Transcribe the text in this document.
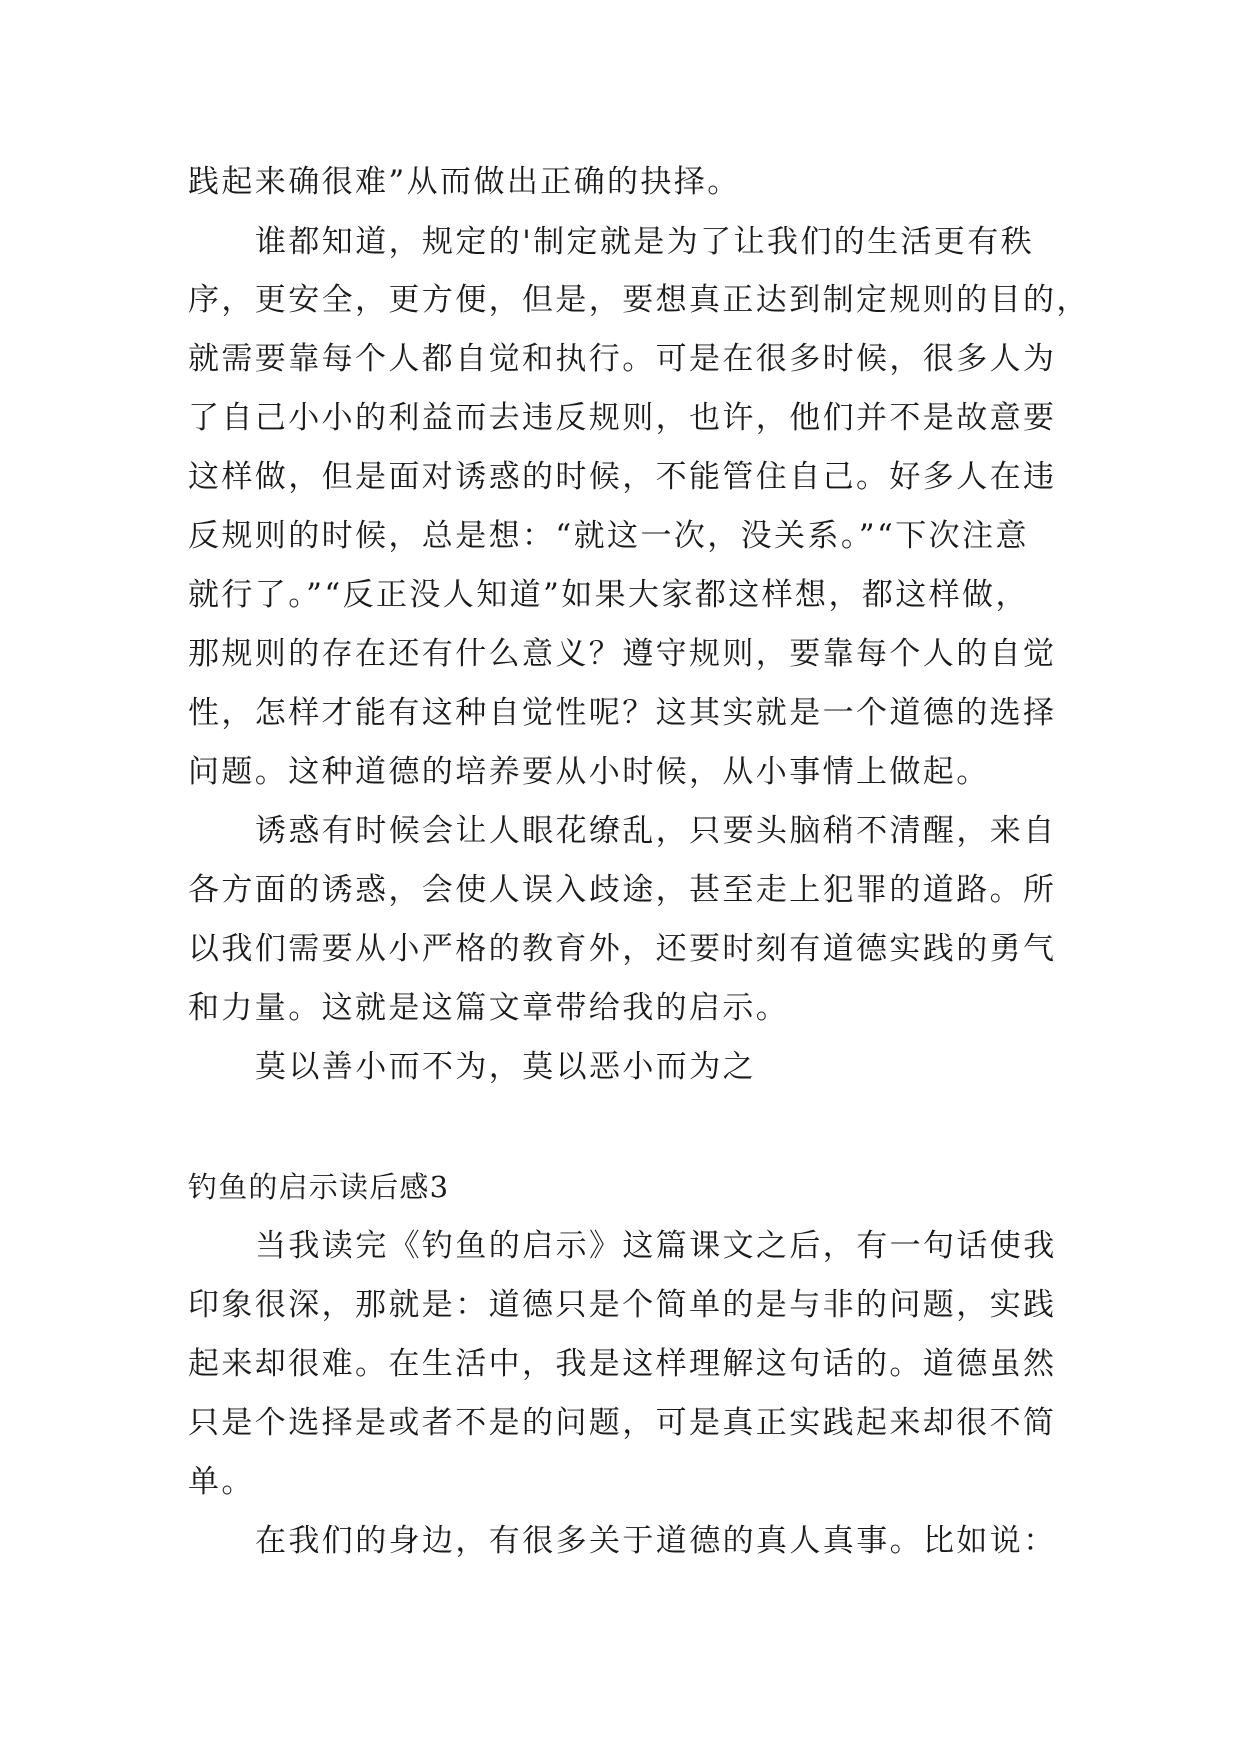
践起来确很难”从而做出正确的抉择。
谁都知道，规定的'制定就是为了让我们的生活更有秩
序，更安全，更方便，但是，要想真正达到制定规则的目的，
就需要靠每个人都自觉和执行。可是在很多时候，很多人为
了自己小小的利益而去违反规则，也许，他们并不是故意要
这样做，但是面对诱惑的时候，不能管住自己。好多人在违
反规则的时候，总是想：“就这一次，没关系。”“下次注意
就行了。”“反正没人知道”如果大家都这样想，都这样做，
那规则的存在还有什么意义？遵守规则，要靠每个人的自觉
性，怎样才能有这种自觉性呢？这其实就是一个道德的选择
问题。这种道德的培养要从小时候，从小事情上做起。
诱惑有时候会让人眼花缭乱，只要头脑稍不清醒，来自
各方面的诱惑，会使人误入歧途，甚至走上犯罪的道路。所
以我们需要从小严格的教育外，还要时刻有道德实践的勇气
和力量。这就是这篇文章带给我的启示。
莫以善小而不为，莫以恶小而为之
钓鱼的启示读后感3
当我读完《钓鱼的启示》这篇课文之后，有一句话使我
印象很深，那就是：道德只是个简单的是与非的问题，实践
起来却很难。在生活中，我是这样理解这句话的。道德虽然
只是个选择是或者不是的问题，可是真正实践起来却很不简
单。
在我们的身边，有很多关于道德的真人真事。比如说：
